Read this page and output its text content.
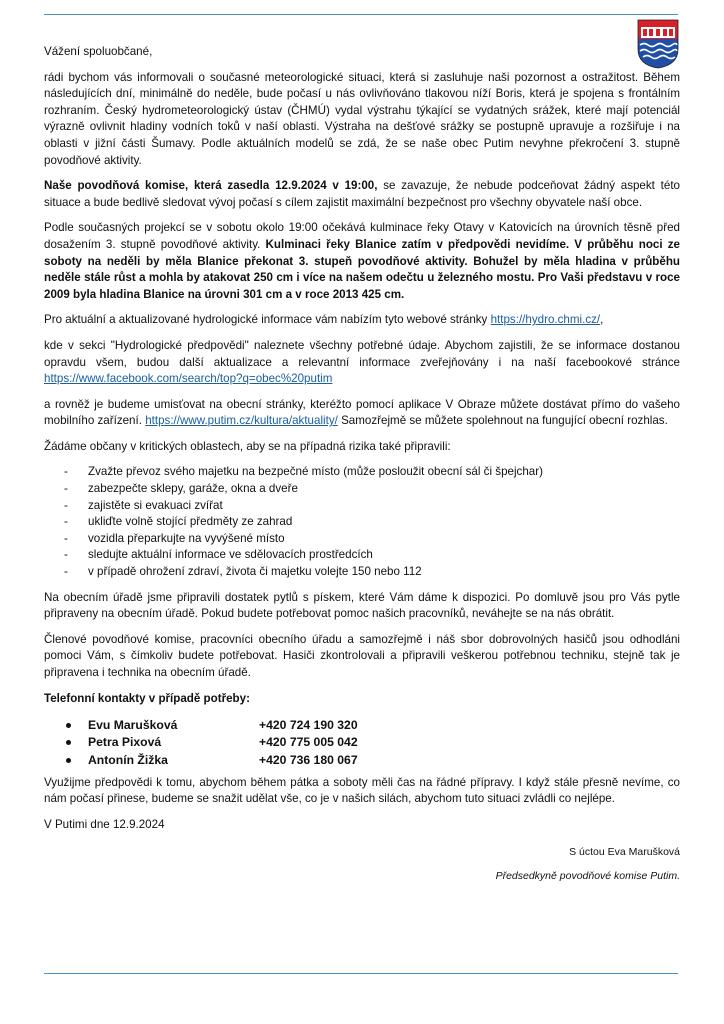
Vážení spoluobčané,

rádi bychom vás informovali o současné meteorologické situaci, která si zasluhuje naši pozornost a ostražitost. Během následujících dní, minimálně do neděle, bude počasí u nás ovlivňováno tlakovou níží Boris, která je spojena s frontálním rozhraním. Český hydrometeorologický ústav (ČHMÚ) vydal výstrahu týkající se vydatných srážek, které mají potenciál výrazně ovlivnit hladiny vodních toků v naší oblasti. Výstraha na dešťové srážky se postupně upravuje a rozšiřuje i na oblasti v jižní části Šumavy. Podle aktuálních modelů se zdá, že se naše obec Putim nevyhne překročení 3. stupně povodňové aktivity.

Naše povodňová komise, která zasedla 12.9.2024 v 19:00, se zavazuje, že nebude podceňovat žádný aspekt této situace a bude bedlivě sledovat vývoj počasí s cílem zajistit maximální bezpečnost pro všechny obyvatele naší obce.

Podle současných projekcí se v sobotu okolo 19:00 očekává kulminace řeky Otavy v Katovicích na úrovních těsně před dosažením 3. stupně povodňové aktivity. Kulminaci řeky Blanice zatím v předpovědi nevidíme. V průběhu noci ze soboty na neděli by měla Blanice překonat 3. stupeň povodňové aktivity. Bohužel by měla hladina v průběhu neděle stále růst a mohla by atakovat 250 cm i více na našem odečtu u železného mostu. Pro Vaši představu v roce 2009 byla hladina Blanice na úrovni 301 cm a v roce 2013 425 cm.

Pro aktuální a aktualizované hydrologické informace vám nabízím tyto webové stránky https://hydro.chmi.cz/,

kde v sekci "Hydrologické předpovědi" naleznete všechny potřebné údaje. Abychom zajistili, že se informace dostanou opravdu všem, budou další aktualizace a relevantní informace zveřejňovány i na naší facebookové stránce https://www.facebook.com/search/top?q=obec%20putim

a rovněž je budeme umisťovat na obecní stránky, kteréžto pomocí aplikace V Obraze můžete dostávat přímo do vašeho mobilního zařízení. https://www.putim.cz/kultura/aktuality/ Samozřejmě se můžete spolehnout na fungující obecní rozhlas.

Žádáme občany v kritických oblastech, aby se na případná rizika také připravili:

- Zvažte převoz svého majetku na bezpečné místo (může posloužit obecní sál či špejchar)
- zabezpečte sklepy, garáže, okna a dveře
- zajistěte si evakuaci zvířat
- ukliďte volně stojící předměty ze zahrad
- vozidla přeparkujte na vyvýšené místo
- sledujte aktuální informace ve sdělovacích prostředcích
- v případě ohrožení zdraví, života či majetku volejte 150 nebo 112

Na obecním úřadě jsme připravili dostatek pytlů s pískem, které Vám dáme k dispozici. Po domluvě jsou pro Vás pytle připraveny na obecním úřadě. Pokud budete potřebovat pomoc našich pracovníků, neváhejte se na nás obrátit.

Členové povodňové komise, pracovníci obecního úřadu a samozřejmě i náš sbor dobrovolných hasičů jsou odhodláni pomoci Vám, s čímkoliv budete potřebovat. Hasiči zkontrolovali a připravili veškerou potřebnou techniku, stejně tak je připravena i technika na obecním úřadě.

Telefonní kontakty v případě potřeby:

Evu Marušková	+420 724 190 320
Petra Pixová	+420 775 005 042
Antonín Žižka	+420 736 180 067

Využijme předpovědi k tomu, abychom během pátka a soboty měli čas na řádné přípravy. I když stále přesně nevíme, co nám počasí přinese, budeme se snažit udělat vše, co je v našich silách, abychom tuto situaci zvládli co nejlépe.

V Putimi dne 12.9.2024

S úctou Eva Marušková

Předsedkyně povodňové komise Putim.
